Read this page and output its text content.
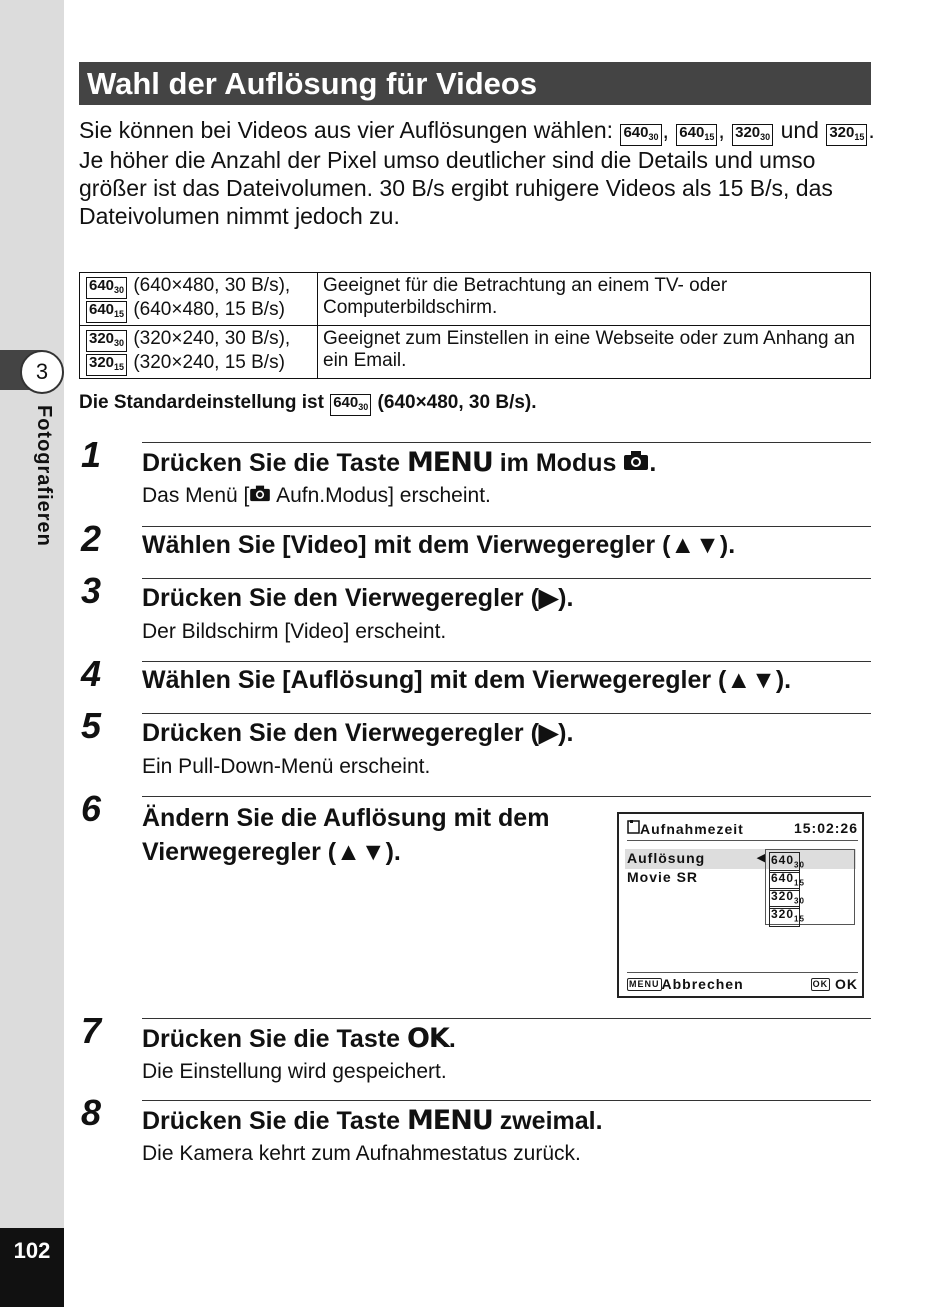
3
Fotografieren
102
Wahl der Auflösung für Videos

Sie können bei Videos aus vier Auflösungen wählen: $640_{30}$ , $640_{15}$ , $320_{30}$ und $320_{15}$ .

Je höher die Anzahl der Pixel umso deutlicher sind die Details und umso größer ist das Dateivolumen. 30 B/s ergibt ruhigere Videos als 15 B/s, das Dateivolumen nimmt jedoch zu.

$640_{30}$ (640×480, 30 B/s),
$640_{15}$ (640×480, 15 B/s)	Geeignet für die Betrachtung an einem TV- oder Computerbildschirm.
$320_{30}$ (320×240, 30 B/s),
$320_{15}$ (320×240, 15 B/s)	Geeignet zum Einstellen in eine Webseite oder zum Anhang an ein Email.
Die Standardeinstellung ist $640_{30}$ (640×480, 30 B/s).
1 Drücken Sie die Taste MENU im Modus .
Das Menü [ Aufn.Modus] erscheint.
2 Wählen Sie [Video] mit dem Vierwegeregler (▲▼).
3 Drücken Sie den Vierwegeregler (▶).
Der Bildschirm [Video] erscheint.
4 Wählen Sie [Auflösung] mit dem Vierwegeregler (▲▼).
5 Drücken Sie den Vierwegeregler (▶).
Ein Pull-Down-Menü erscheint.
6 Ändern Sie die Auflösung mit dem Vierwegeregler (▲▼).
Aufnahmezeit	15:02:26
Auflösung
Movie SR
◀ $640_{30}$
$640_{15}$
$320_{30}$
$320_{15}$
MENU Abbrechen	OK OK
7 Drücken Sie die Taste OK.
Die Einstellung wird gespeichert.
8 Drücken Sie die Taste MENU zweimal.
Die Kamera kehrt zum Aufnahmestatus zurück.
